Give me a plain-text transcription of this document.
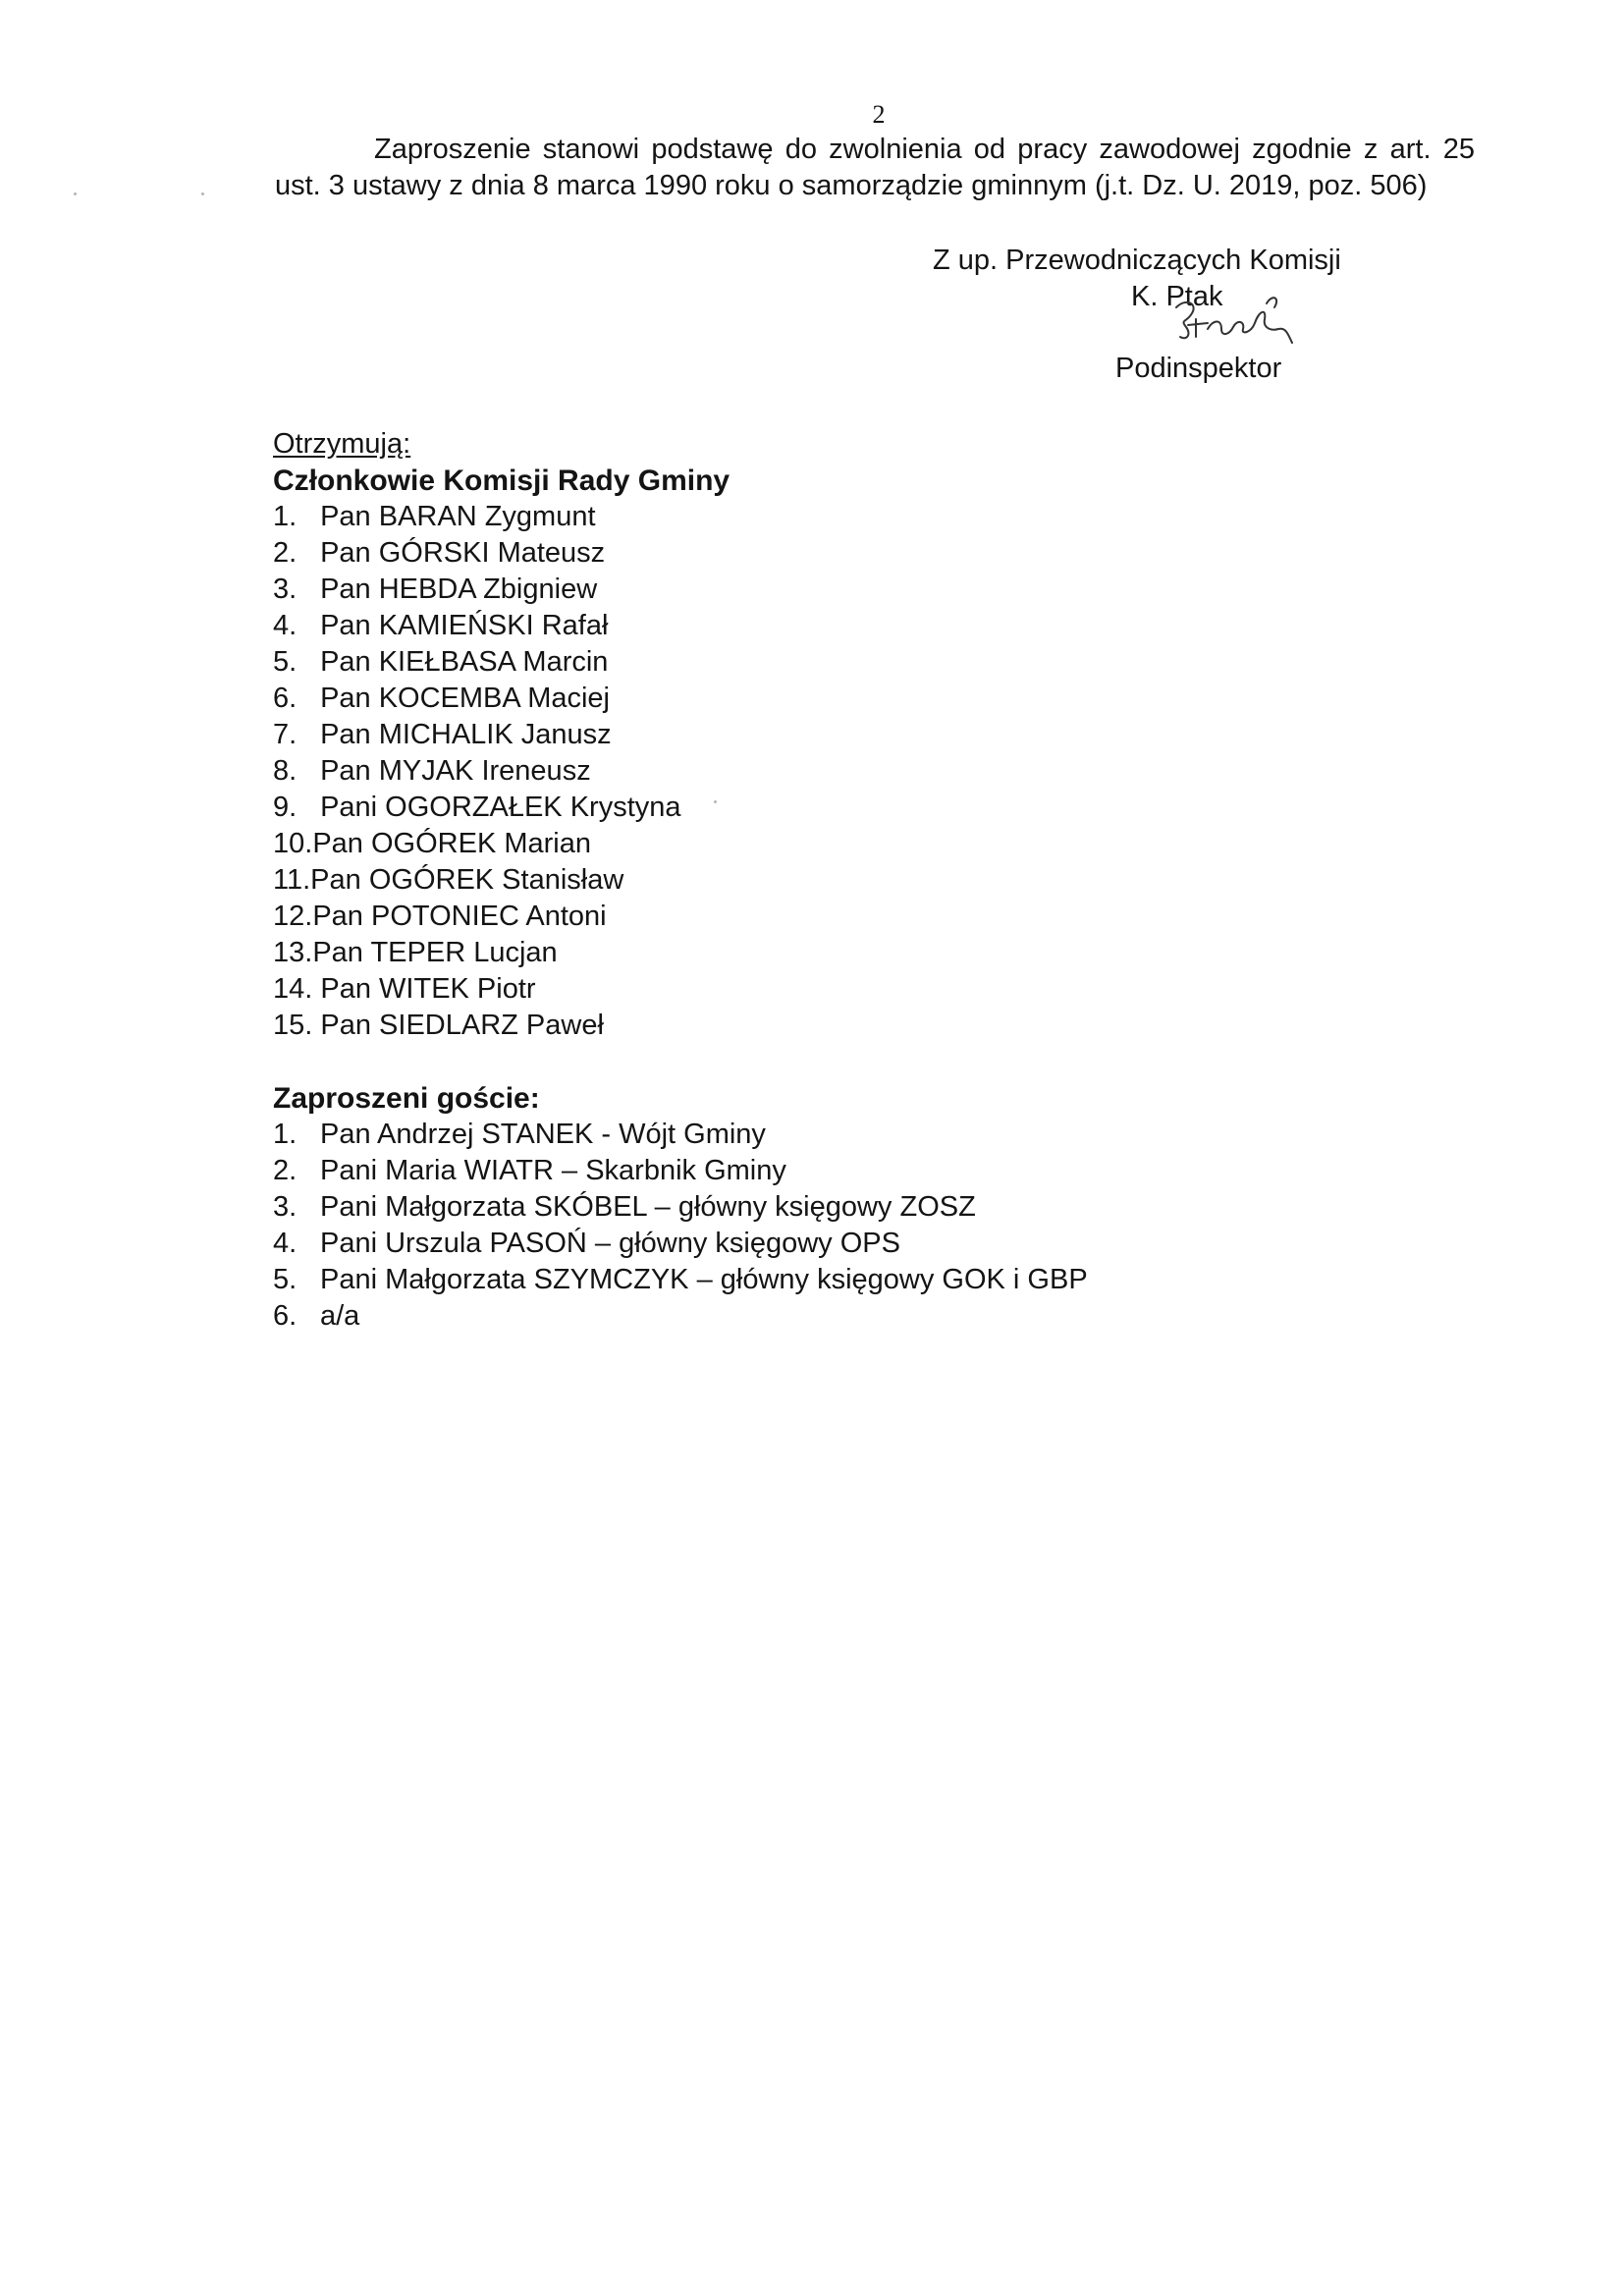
2

Zaproszenie stanowi podstawę do zwolnienia od pracy zawodowej zgodnie z art. 25 ust. 3 ustawy z dnia 8 marca 1990 roku o samorządzie gminnym (j.t. Dz. U. 2019, poz. 506)

Z up. Przewodniczących Komisji
K. Ptak
Podinspektor
Otrzymują:
Członkowie Komisji Rady Gminy
1. Pan BARAN Zygmunt
2. Pan GÓRSKI Mateusz
3. Pan HEBDA Zbigniew
4. Pan KAMIEŃSKI Rafał
5. Pan KIEŁBASA Marcin
6. Pan KOCEMBA Maciej
7. Pan MICHALIK Janusz
8. Pan MYJAK Ireneusz
9. Pani OGORZAŁEK Krystyna
10.Pan OGÓREK Marian
11.Pan OGÓREK Stanisław
12.Pan POTONIEC Antoni
13.Pan TEPER Lucjan
14. Pan WITEK Piotr
15. Pan SIEDLARZ Paweł
Zaproszeni goście:
1. Pan Andrzej STANEK - Wójt Gminy
2. Pani Maria WIATR – Skarbnik Gminy
3. Pani Małgorzata SKÓBEL – główny księgowy ZOSZ
4. Pani Urszula PASOŃ – główny księgowy OPS
5. Pani Małgorzata SZYMCZYK – główny księgowy GOK i GBP
6. a/a
